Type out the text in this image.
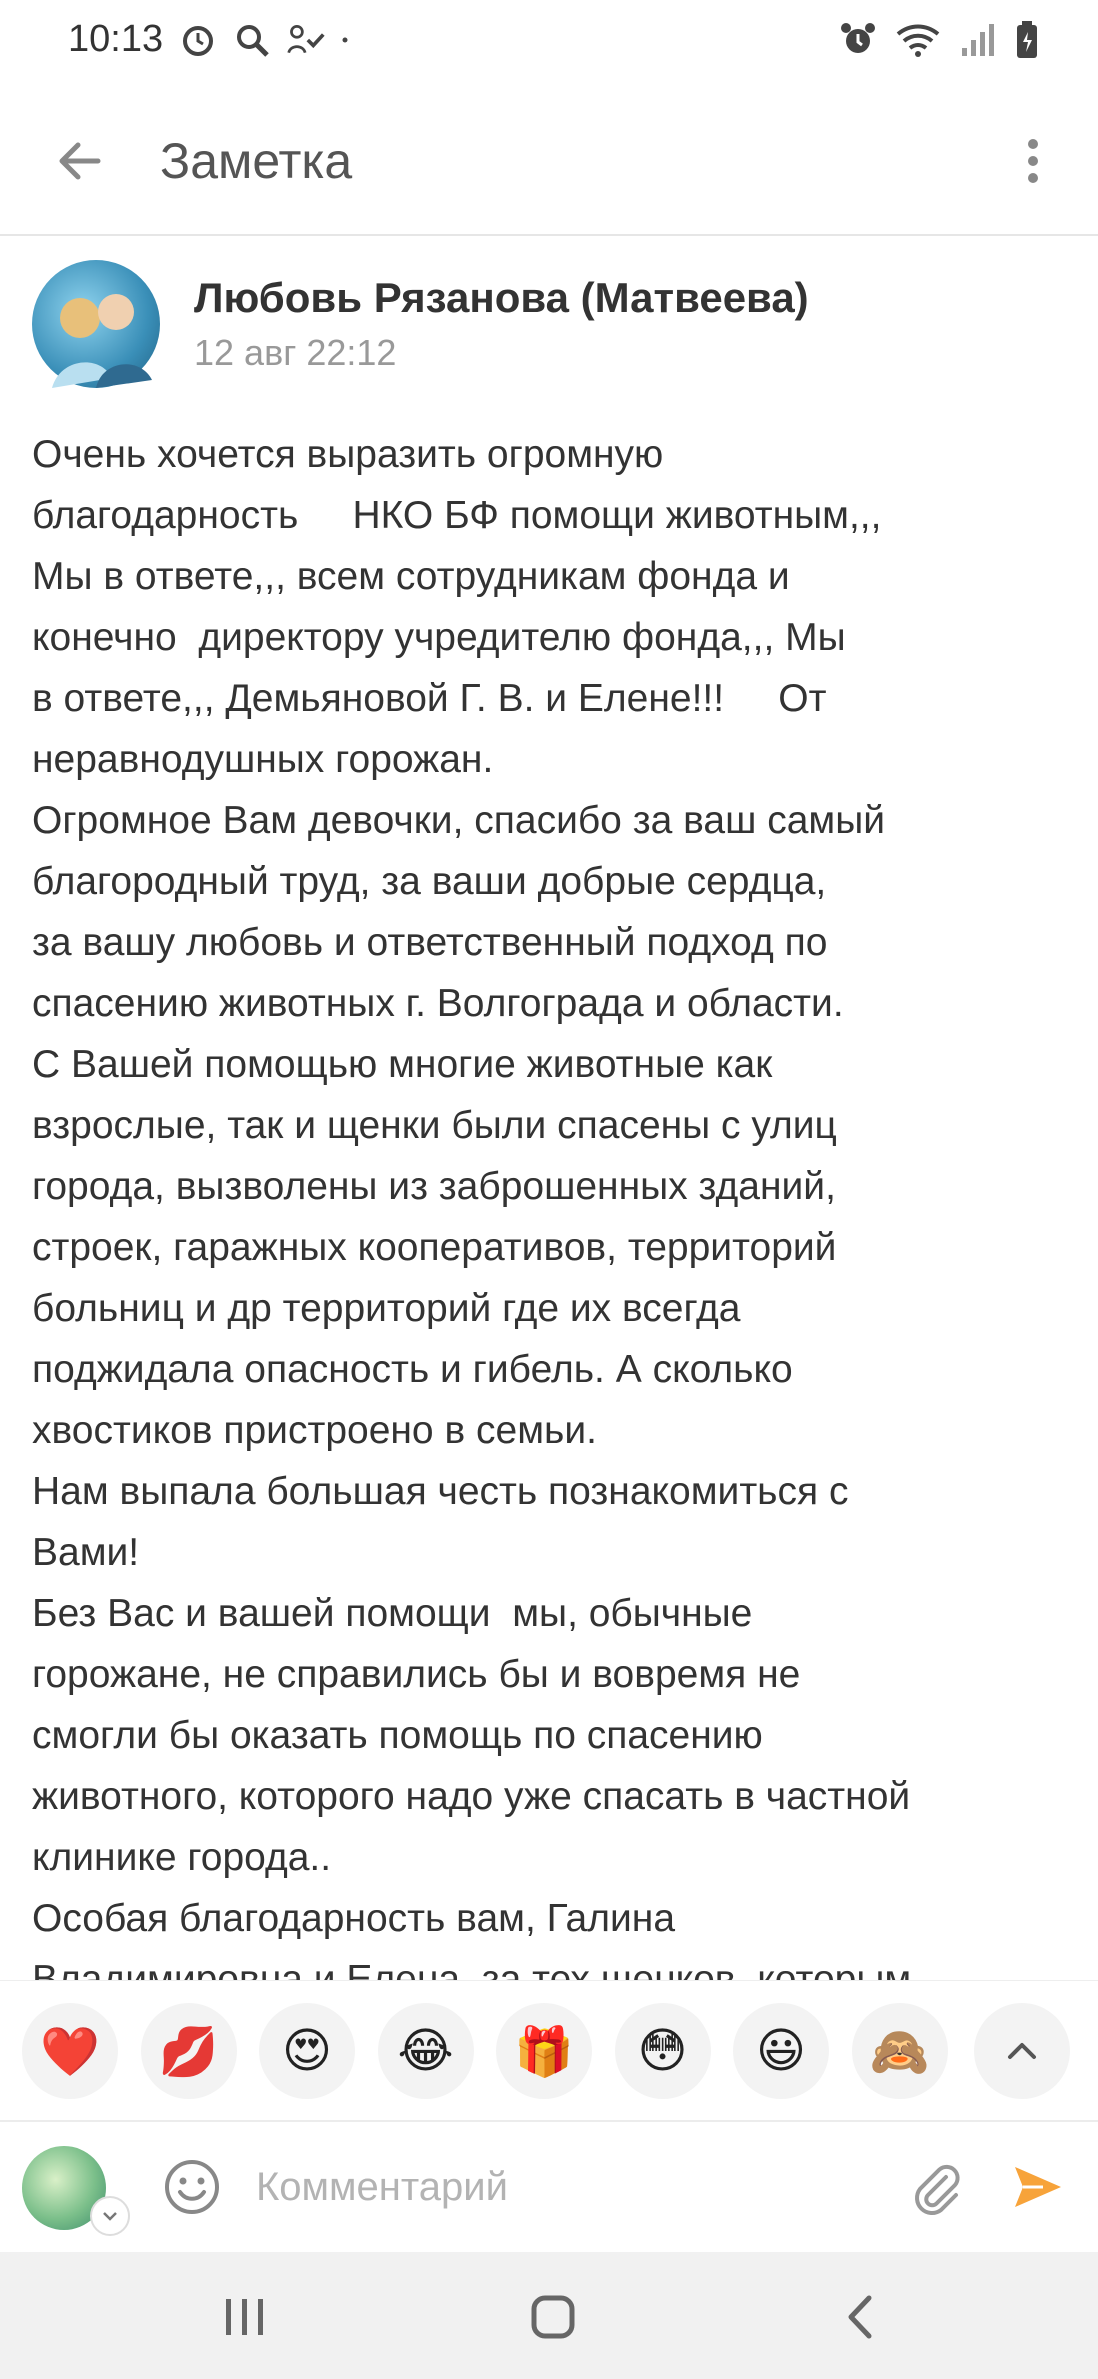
10:13
Заметка
Любовь Рязанова (Матвеева)
12 авг 22:12
Очень хочется выразить огромную
благодарность     НКО БФ помощи животным,,,
Мы в ответе,,, всем сотрудникам фонда и
конечно  директору учредителю фонда,,, Мы
в ответе,,, Демьяновой Г. В. и Елене!!!     От
неравнодушных горожан.
Огромное Вам девочки, спасибо за ваш самый
благородный труд, за ваши добрые сердца,
за вашу любовь и ответственный подход по
спасению животных г. Волгограда и области.
С Вашей помощью многие животные как
взрослые, так и щенки были спасены с улиц
города, вызволены из заброшенных зданий,
строек, гаражных кооперативов, территорий
больниц и др территорий где их всегда
поджидала опасность и гибель. А сколько
хвостиков пристроено в семьи.
Нам выпала большая честь познакомиться с
Вами!
Без Вас и вашей помощи  мы, обычные
горожане, не справились бы и вовремя не
смогли бы оказать помощь по спасению
животного, которого надо уже спасать в частной
клинике города..
Особая благодарность вам, Галина
🙈
😃
😳
🎁
😂
😍
💋
❤️
Комментарий
